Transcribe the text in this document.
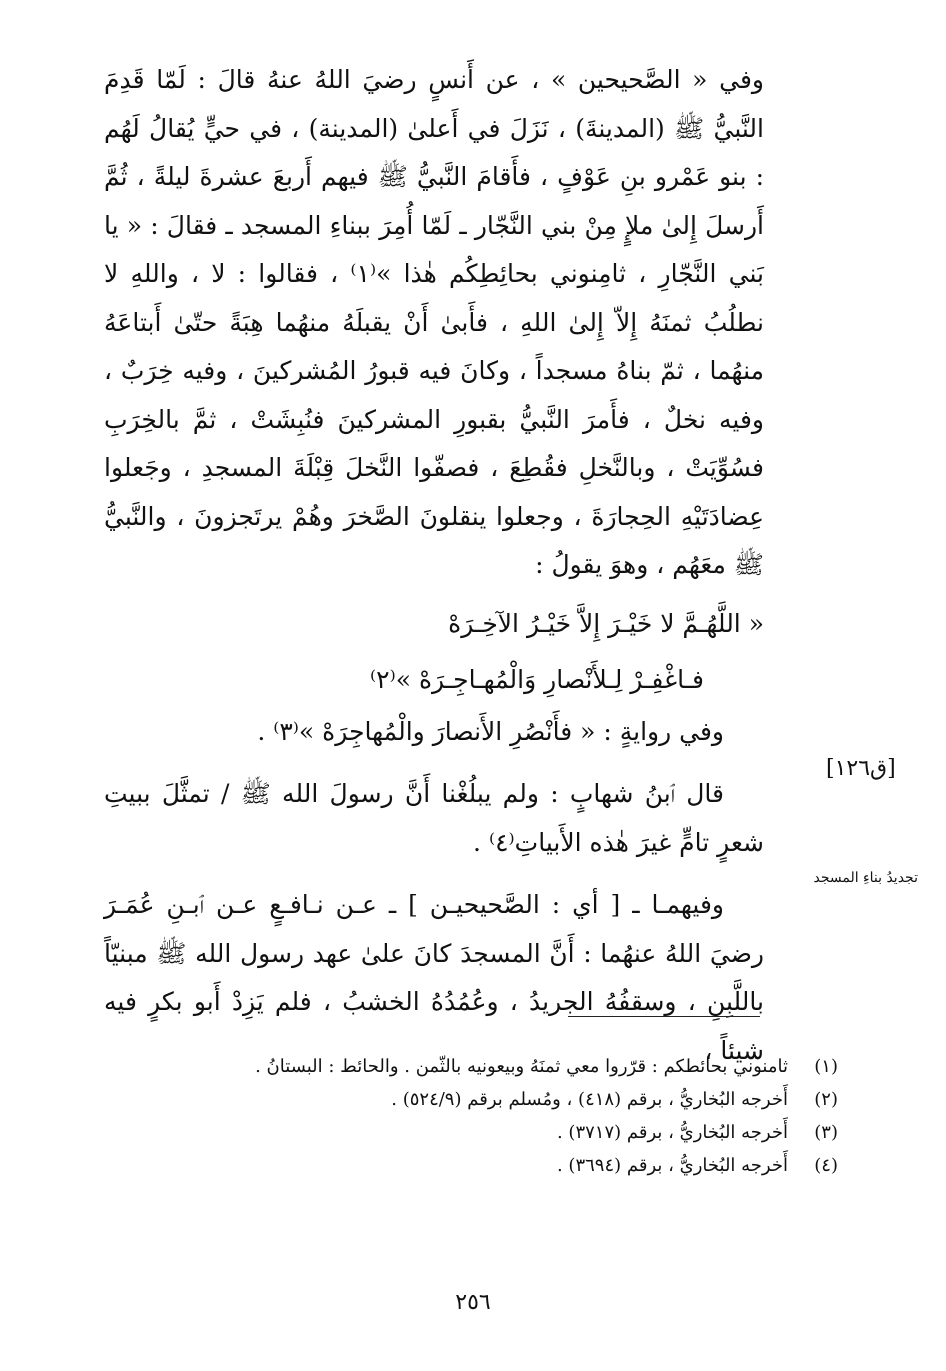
وفي « الصَّحيحين » ، عن أَنسٍ رضيَ اللهُ عنهُ قالَ : لَمّا قَدِمَ النَّبيُّ ﷺ (المدينةَ) ، نَزَلَ في أَعلىٰ (المدينة) ، في حيٍّ يُقالُ لَهُم : بنو عَمْرو بنِ عَوْفٍ ، فأَقامَ النَّبيُّ ﷺ فيهم أَربعَ عشرةَ ليلةً ، ثُمَّ أَرسلَ إِلىٰ ملإٍ مِنْ بني النَّجّار ـ لَمّا أُمِرَ ببناءِ المسجد ـ فقالَ : « يا بَني النَّجّارِ ، ثامِنوني بحائِطِكُم هٰذا »⁽١⁾ ، فقالوا : لا ، واللهِ لا نطلُبُ ثمنَهُ إِلاّ إِلىٰ اللهِ ، فأَبىٰ أَنْ يقبلَهُ منهُما هِبَةً حتّىٰ أَبتاعَهُ منهُما ، ثمّ بناهُ مسجداً ، وكانَ فيه قبورُ المُشركينَ ، وفيه خِرَبٌ ، وفيه نخلٌ ، فأَمرَ النَّبيُّ بقبورِ المشركينَ فنُبِشَتْ ، ثمَّ بالخِرَبِ فسُوِّيَتْ ، وبالنَّخلِ فقُطِعَ ، فصفّوا النَّخلَ قِبْلَةَ المسجدِ ، وجَعلوا عِضادَتَيْهِ الحِجارَةَ ، وجعلوا ينقلونَ الصَّخرَ وهُمْ يرتَجزونَ ، والنَّبيُّ ﷺ معَهُم ، وهوَ يقولُ :

« اللَّهُـمَّ لا خَيْـرَ إِلاَّ خَيْـرُ الآخِـرَهْ
فـاغْفِـرْ لِـلأَنْصارِ وَالْمُهـاجِـرَهْ »⁽٢⁾
وفي روايةٍ : « فأَنْصُرِ الأَنصارَ والْمُهاجِرَهْ »⁽٣⁾ .

قال ٱبنُ شهابٍ : ولم يبلُغْنا أَنَّ رسولَ الله ﷺ / تمثَّلَ ببيتِ شعرٍ تامٍّ غيرَ هٰذه الأَبياتِ⁽٤⁾ .

وفيهمـا ـ [ أي : الصَّحيحيـن ] ـ عـن نـافـعٍ عـن ٱبـنِ عُمَـرَ رضيَ اللهُ عنهُما : أَنَّ المسجدَ كانَ علىٰ عهد رسول الله ﷺ مبنيّاً باللَّبِنِ ، وسقفُهُ الجريدُ ، وعُمُدُهُ الخشبُ ، فلم يَزِدْ أَبو بكرٍ فيه شيئاً ،

[ق١٢٦]
تجديدُ بناءِ المسجد
(١)
ثامنوني بحائطكم : قرّروا معي ثمنَهُ وبيعونيه بالثّمن . والحائط : البستانُ .
(٢)
أَخرجه البُخاريُّ ، برقم (٤١٨) ، ومُسلم برقم (٥٢٤/٩) .
(٣)
أَخرجه البُخاريُّ ، برقم (٣٧١٧) .
(٤)
أَخرجه البُخاريُّ ، برقم (٣٦٩٤) .
٢٥٦
